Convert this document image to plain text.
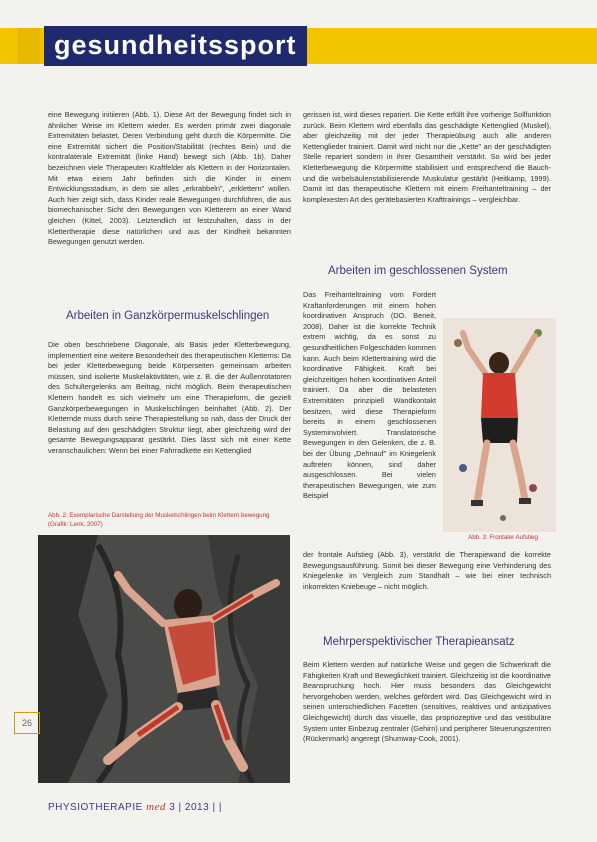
gesundheitssport

eine Bewegung initiieren (Abb. 1). Diese Art der Bewegung findet sich in ähnlicher Weise im Klettern wieder. Es werden primär zwei diagonale Extremitäten belastet. Deren Verbindung geht durch die Körpermitte. Die eine Extremität sichert die Position/Stabilität (rechtes Bein) und die kontralaterale Extremität (linke Hand) bewegt sich (Abb. 1b). Daher bezeichnen viele Therapeuten Kraftfelder als Klettern in der Horizontalen. Mit etwa einem Jahr befinden sich die Kinder in einem Entwicklungsstadium, in dem sie alles „erkrabbeln", „erklettern" wollen. Auch hier zeigt sich, dass Kinder reale Bewegungen durchführen, die aus biomechanischer Sicht den Bewegungen von Kletterern an einer Wand gleichen (Kittel, 2003). Letztendlich ist festzuhalten, dass in der Klettertherapie diese natürlichen und aus der Kindheit bekannten Bewegungen genutzt werden.

Arbeiten in Ganzkörpermuskelschlingen

Die oben beschriebene Diagonale, als Basis jeder Kletterbewegung, implementiert eine weitere Besonderheit des therapeutischen Kletterns: Da bei jeder Kletterbewegung beide Körperseiten gemeinsam arbeiten müssen, sind isolierte Muskelaktivitäten, wie z. B. die der Außenrotatoren des Schultergelenks am Beitrag, nicht möglich. Beim therapeutischen Klettern handelt es sich vielmehr um eine Therapieform, die gezielt Ganzkörperbewegungen in Muskelschlingen beinhaltet (Abb. 2). Der Kletternde muss durch seine Therapiestellung so nah, dass der Druck der Belastung auf den geschädigten Struktur liegt, aber gleichzeitig wird der gesamte Bewegungsapparat gestärkt. Dies lässt sich mit einer Kette veranschaulichen: Wenn bei einer Fahrradkette ein Kettenglied

Abb. 2: Exemplarische Darstellung der Muskelschlingen beim Klettern bewegung (Grafik: Lenk, 2007)

gerissen ist, wird dieses repariert. Die Kette erfüllt ihre vorherige Sollfunktion zurück. Beim Klettern wird ebenfalls das geschädigte Kettenglied (Muskel), aber gleichzeitig mit der jeder Therapieübung auch alle anderen Kettenglieder trainiert. Damit wird nicht nur die „Kette" an der geschädigten Stelle repariert sondern in ihrer Gesamtheit verstärkt. So wird bei jeder Kletterbewegung die Körpermitte stabilisiert und entsprechend die Bauch- und die wirbelsäulenstabilisierende Muskulatur gestärkt (Heitkamp, 1999). Damit ist das therapeutische Klettern mit einem Freihanteltraining – der komplexesten Art des gerätebasierten Krafttrainings – vergleichbar.

Arbeiten im geschlossenen System

Das Freihanteltraining vom Fordert Kraftanforderungen mit einem hohen koordinativen Anspruch (DO. Beneit, 2008). Daher ist die korrekte Technik extrem wichtig, da es sonst zu gesundheitlichen Folgeschäden kommen kann. Auch beim Klettertraining wird die koordinative Fähigkeit. Kraft bei gleichzeitigen hohen koordinativen Anteil trainiert. Da aber die belasteten Extremitäten prinzipiell Wandkontakt besitzen, wird diese Therapieform bereits in einem geschlossenen Systeminvolviert. Translatorische Bewegungen in den Gelenken, die z. B. bei der Übung „Dehnauf" im Kniegelenk auftreten können, sind daher ausgeschlossen. Bei vielen therapeutischen Bewegungen, wie zum Beispiel

Abb. 3: Frontaler Aufstieg

der frontale Aufstieg (Abb. 3), verstärkt die Therapiewand die korrekte Bewegungsausführung. Somit bei dieser Bewegung eine Verhinderung des Kniegelenke im Vergleich zum Standhalt – wie bei einer technisch inkorrekten Kniebeuge – nicht möglich.

Mehrperspektivischer Therapieansatz

Beim Klettern werden auf natürliche Weise und gegen die Schwerkraft die Fähigkeiten Kraft und Beweglichkeit trainiert. Gleichzeitig ist die koordinative Beanspruchung hoch. Hier muss besonders das Gleichgewicht hervorgehoben werden, welches gefördert wird. Das Gleichgewicht wird in seinen unterschiedlichen Facetten (sensitives, reaktives und antizipatives Gleichgewicht) durch das visuelle, das propriozeptive und das vestibuläre System unter Einbezug zentraler (Gehirn) und peripherer Steuerungszentren (Rückenmark) angeregt (Shumway-Cook, 2001).

26
PHYSIOTHERAPIE med 3 | 2013 | |
